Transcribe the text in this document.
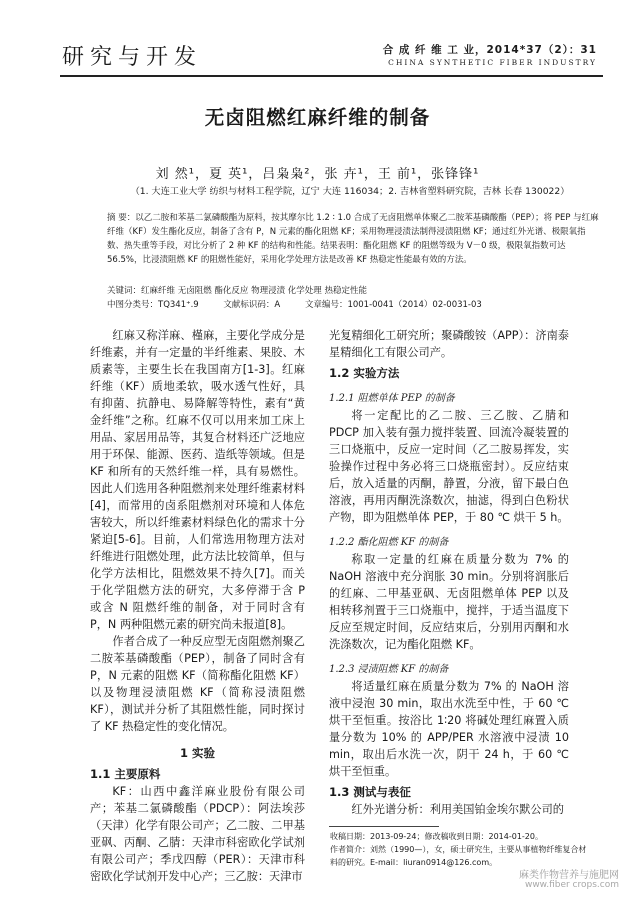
研究与开发	合 成 纤 维 工 业，2014*37（2）：31
CHINA SYNTHETIC FIBER INDUSTRY
无卤阻燃红麻纤维的制备
刘 然¹，夏 英¹，吕枭枭²，张 卉¹，王 前¹，张锋锋¹
（1. 大连工业大学 纺织与材料工程学院，辽宁 大连 116034；2. 吉林省塑料研究院，吉林 长春 130022）
摘 要：以乙二胺和苯基二氯磷酸酯为原料，按其摩尔比 1.2 ∶ 1.0 合成了无卤阻燃单体聚乙二胺苯基磷酸酯（PEP）；将 PEP 与红麻纤维（KF）发生酯化反应，制备了含有 P，N 元素的酯化阻燃 KF；采用物理浸渍法制得浸渍阻燃 KF；通过红外光谱、极限氧指数、热失重等手段，对比分析了 2 种 KF 的结构和性能。结果表明：酯化阻燃 KF 的阻燃等级为 V－0 级，极限氧指数可达 56.5%，比浸渍阻燃 KF 的阻燃性能好，采用化学处理方法是改善 KF 热稳定性能最有效的方法。
关键词：红麻纤维 无卤阻燃 酯化反应 物理浸渍 化学处理 热稳定性能
中图分类号：TQ341⁺.9	文献标识码：A	文章编号：1001-0041（2014）02-0031-03

红麻又称洋麻、槿麻，主要化学成分是纤维素，并有一定量的半纤维素、果胶、木质素等，主要生长在我国南方[1-3]。红麻纤维（KF）质地柔软，吸水透气性好，具有抑菌、抗静电、易降解等特性，素有“黄金纤维”之称。红麻不仅可以用来加工床上用品、家居用品等，其复合材料还广泛地应用于环保、能源、医药、造纸等领域。但是 KF 和所有的天然纤维一样，具有易燃性。因此人们选用各种阻燃剂来处理纤维素材料[4]，而常用的卤系阻燃剂对环境和人体危害较大，所以纤维素材料绿色化的需求十分紧迫[5-6]。目前，人们常选用物理方法对纤维进行阻燃处理，此方法比较简单，但与化学方法相比，阻燃效果不持久[7]。而关于化学阻燃方法的研究，大多停滞于含 P 或含 N 阻燃纤维的制备，对于同时含有 P，N 两种阻燃元素的研究尚未报道[8]。

作者合成了一种反应型无卤阻燃剂聚乙二胺苯基磷酸酯（PEP），制备了同时含有 P，N 元素的阻燃 KF（简称酯化阻燃 KF）以及物理浸渍阻燃 KF（简称浸渍阻燃 KF），测试并分析了其阻燃性能，同时探讨了 KF 热稳定性的变化情况。

1 实验
1.1 主要原料

KF：山西中鑫洋麻业股份有限公司产；苯基二氯磷酸酯（PDCP）：阿法埃莎（天津）化学有限公司产；乙二胺、二甲基亚砜、丙酮、乙腈：天津市科密欧化学试剂有限公司产；季戊四醇（PER）：天津市科密欧化学试剂开发中心产；三乙胺：天津市

光复精细化工研究所；聚磷酸铵（APP）：济南泰星精细化工有限公司产。

1.2 实验方法
1.2.1 阻燃单体 PEP 的制备

将一定配比的乙二胺、三乙胺、乙腈和 PDCP 加入装有强力搅拌装置、回流冷凝装置的三口烧瓶中，反应一定时间（乙二胺易挥发，实验操作过程中务必将三口烧瓶密封）。反应结束后，放入适量的丙酮，静置，分液，留下最白色溶液，再用丙酮洗涤数次，抽滤，得到白色粉状产物，即为阻燃单体 PEP，于 80 ℃ 烘干 5 h。

1.2.2 酯化阻燃 KF 的制备

称取一定量的红麻在质量分数为 7% 的 NaOH 溶液中充分润胀 30 min。分别将润胀后的红麻、二甲基亚砜、无卤阻燃单体 PEP 以及相转移剂置于三口烧瓶中，搅拌，于适当温度下反应至规定时间，反应结束后，分别用丙酮和水洗涤数次，记为酯化阻燃 KF。

1.2.3 浸渍阻燃 KF 的制备

将适量红麻在质量分数为 7% 的 NaOH 溶液中浸泡 30 min，取出水洗至中性，于 60 ℃ 烘干至恒重。按浴比 1∶20 将碱处理红麻置入质量分数为 10% 的 APP/PER 水溶液中浸渍 10 min，取出后水洗一次，阴干 24 h，于 60 ℃ 烘干至恒重。

1.3 测试与表征

红外光谱分析：利用美国铂金埃尔默公司的

收稿日期：2013-09-24；修改稿收到日期：2014-01-20。
作者简介：刘然（1990—），女，硕士研究生，主要从事植物纤维复合材料的研究。E-mail：liuran0914@126.com。
麻类作物营养与施肥网
www.fiber crops.com
